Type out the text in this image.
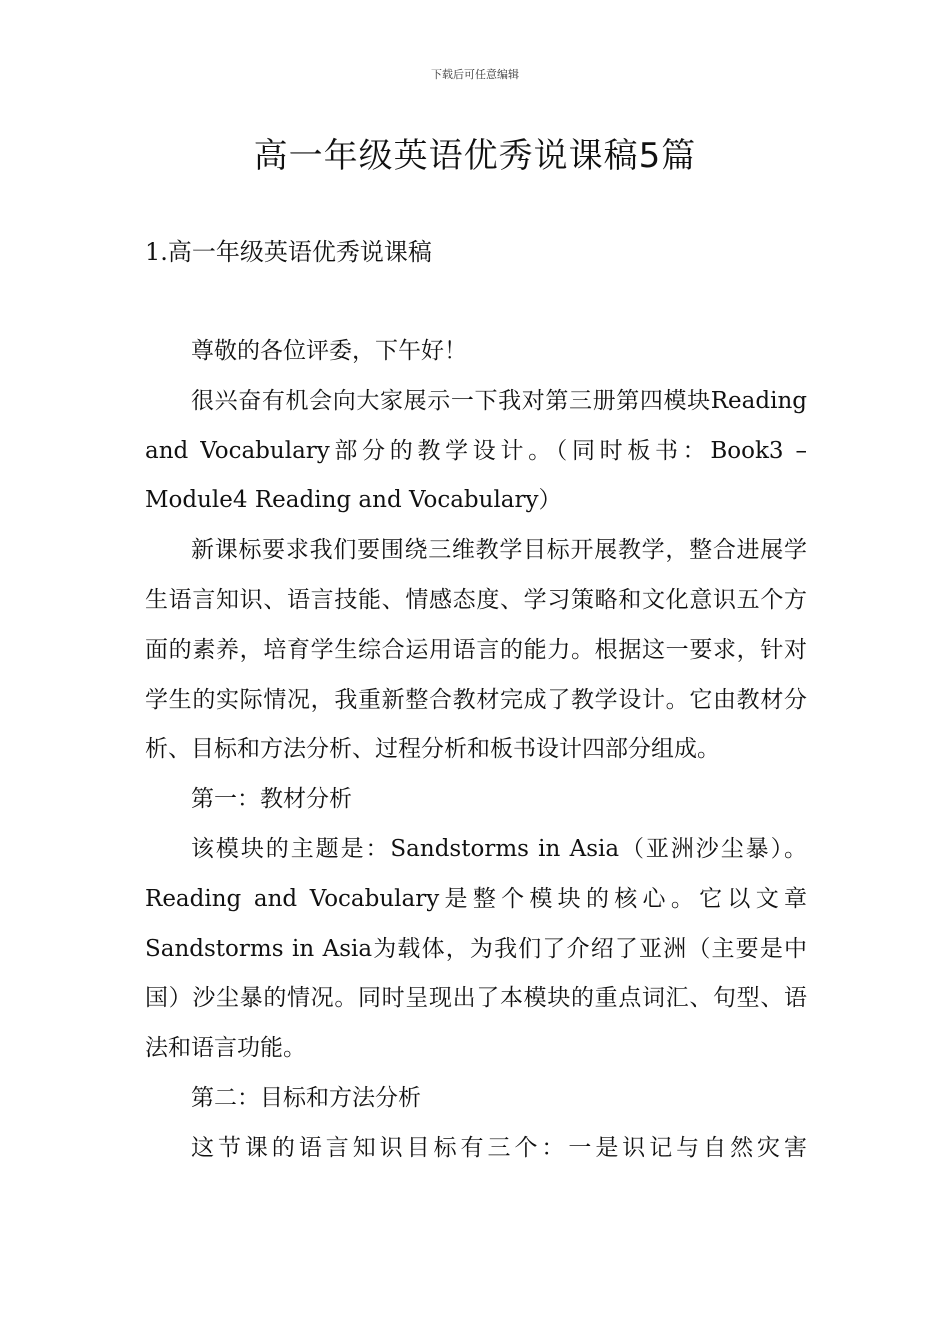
下载后可任意编辑
高一年级英语优秀说课稿5篇
1.高一年级英语优秀说课稿

尊敬的各位评委，下午好！

很兴奋有机会向大家展示一下我对第三册第四模块Reading and Vocabulary部分的教学设计。（同时板书：Book3 – Module4 Reading and Vocabulary）

新课标要求我们要围绕三维教学目标开展教学，整合进展学生语言知识、语言技能、情感态度、学习策略和文化意识五个方面的素养，培育学生综合运用语言的能力。根据这一要求，针对学生的实际情况，我重新整合教材完成了教学设计。它由教材分析、目标和方法分析、过程分析和板书设计四部分组成。

第一：教材分析

该模块的主题是：Sandstorms in Asia（亚洲沙尘暴）。Reading and Vocabulary是整个模块的核心。它以文章Sandstorms in Asia为载体，为我们了介绍了亚洲（主要是中国）沙尘暴的情况。同时呈现出了本模块的重点词汇、句型、语法和语言功能。

第二：目标和方法分析

这节课的语言知识目标有三个：一是识记与自然灾害
